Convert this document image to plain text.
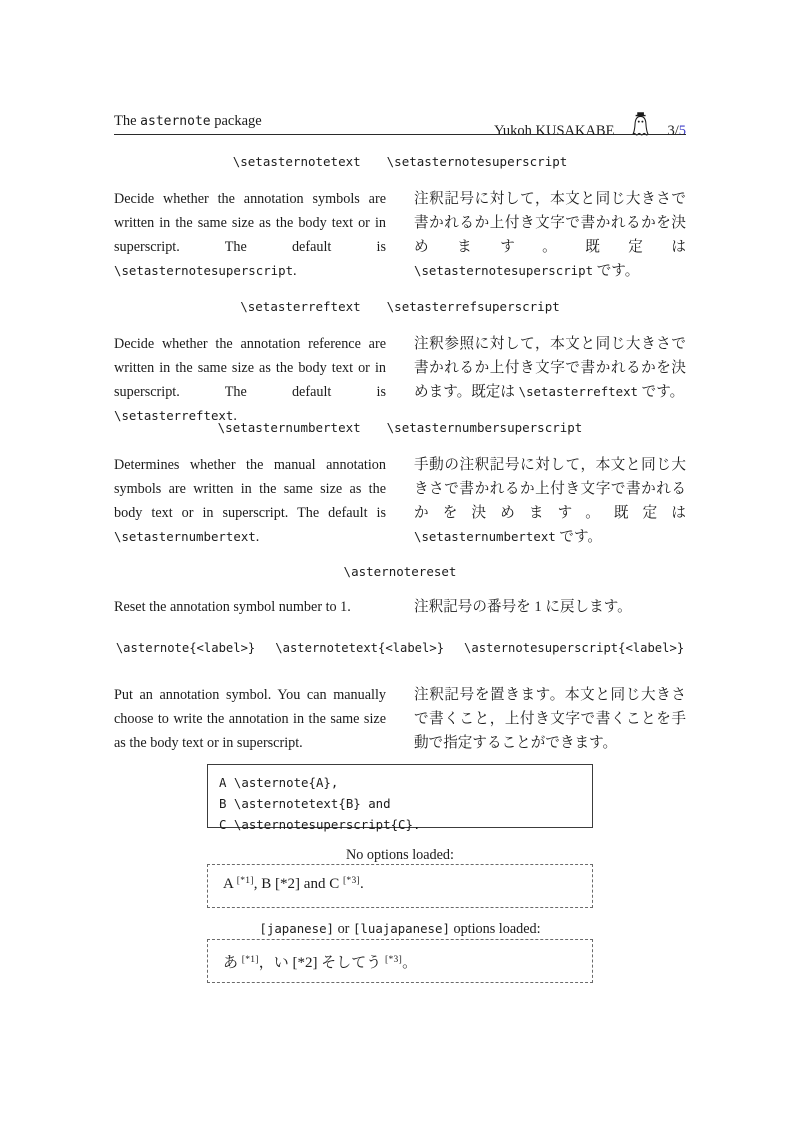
The asternote package
Yukoh KUSAKABE	3/5
\setasternotetext \setasternotesuperscript

Decide whether the annotation symbols are written in the same size as the body text or in superscript. The default is \setasternotesuperscript.

注釈記号に対して，本文と同じ大きさで書かれるか上付き文字で書かれるかを決めます。既定は \setasternotesuperscript です。

\setasterreftext \setasterrefsuperscript

Decide whether the annotation reference are written in the same size as the body text or in superscript. The default is \setasterreftext.

注釈参照に対して，本文と同じ大きさで書かれるか上付き文字で書かれるかを決めます。既定は \setasterreftext です。

\setasternumbertext \setasternumbersuperscript

Determines whether the manual annotation symbols are written in the same size as the body text or in superscript. The default is \setasternumbertext.

手動の注釈記号に対して，本文と同じ大きさで書かれるか上付き文字で書かれるかを決めます。既定は \setasternumbertext です。

\asternotereset

Reset the annotation symbol number to 1.	注釈記号の番号を 1 に戻します。

\asternote{<label>} \asternotetext{<label>} \asternotesuperscript{<label>}

Put an annotation symbol. You can manually choose to write the annotation in the same size as the body text or in superscript.

注釈記号を置きます。本文と同じ大きさで書くこと，上付き文字で書くことを手動で指定することができます。

A \asternote{A},
B \asternotetext{B} and
C \asternotesuperscript{C}.
No options loaded:
A [*1], B [*2] and C [*3].
[japanese] or [luajapanese] options loaded:
あ [*1]，い [*2] そしてう [*3]。
